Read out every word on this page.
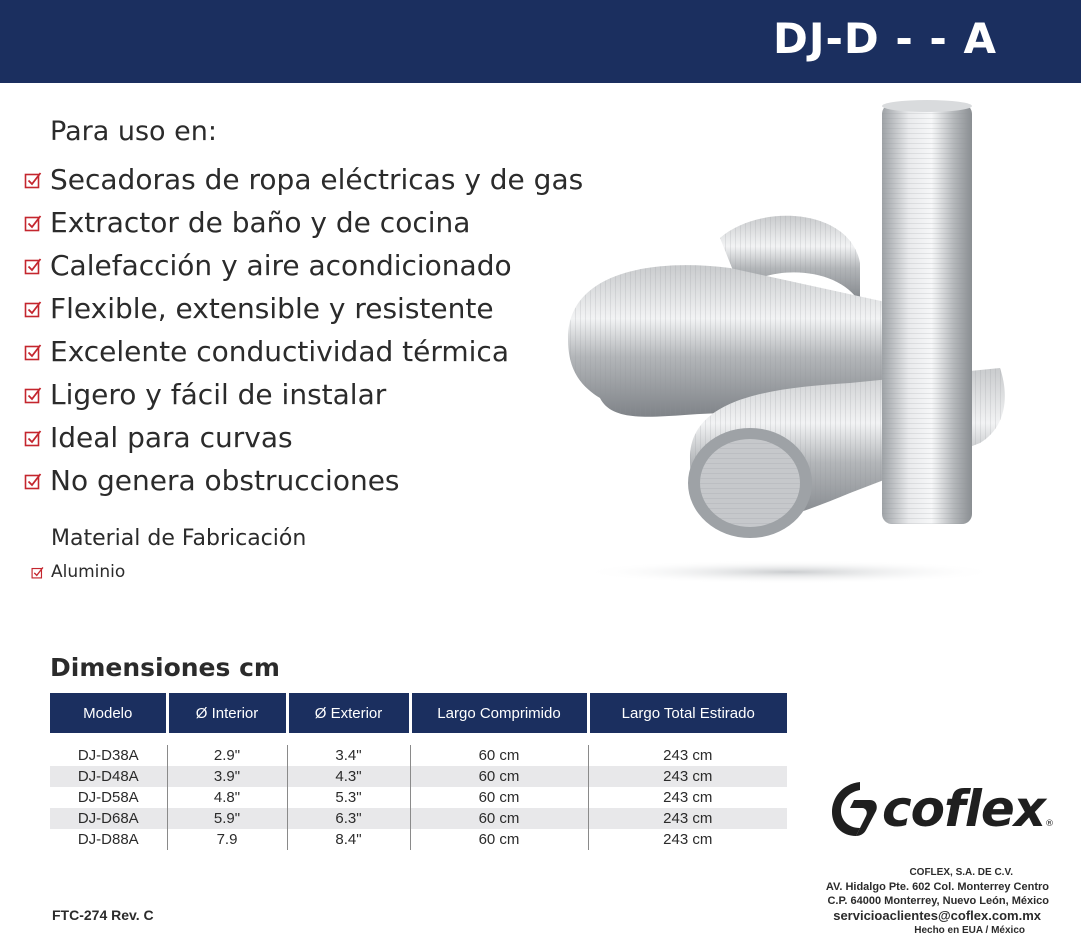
DJ-D - - A
Para uso en:
Secadoras de ropa eléctricas y de gas
Extractor de baño y de cocina
Calefacción y aire acondicionado
Flexible, extensible y resistente
Excelente conductividad térmica
Ligero y fácil de instalar
Ideal para curvas
No genera obstrucciones
Material de Fabricación
Aluminio
Dimensiones cm
Modelo	Ø Interior	Ø Exterior	Largo Comprimido	Largo Total Estirado

DJ-D38A	2.9"	3.4"	60 cm	243 cm
DJ-D48A	3.9"	4.3"	60 cm	243 cm
DJ-D58A	4.8"	5.3"	60 cm	243 cm
DJ-D68A	5.9"	6.3"	60 cm	243 cm
DJ-D88A	7.9	8.4"	60 cm	243 cm
coflex ®
COFLEX, S.A. DE C.V.
AV. Hidalgo Pte. 602 Col. Monterrey Centro
C.P. 64000 Monterrey, Nuevo León, México
servicioaclientes@coflex.com.mx
Hecho en EUA / México
FTC-274 Rev. C
